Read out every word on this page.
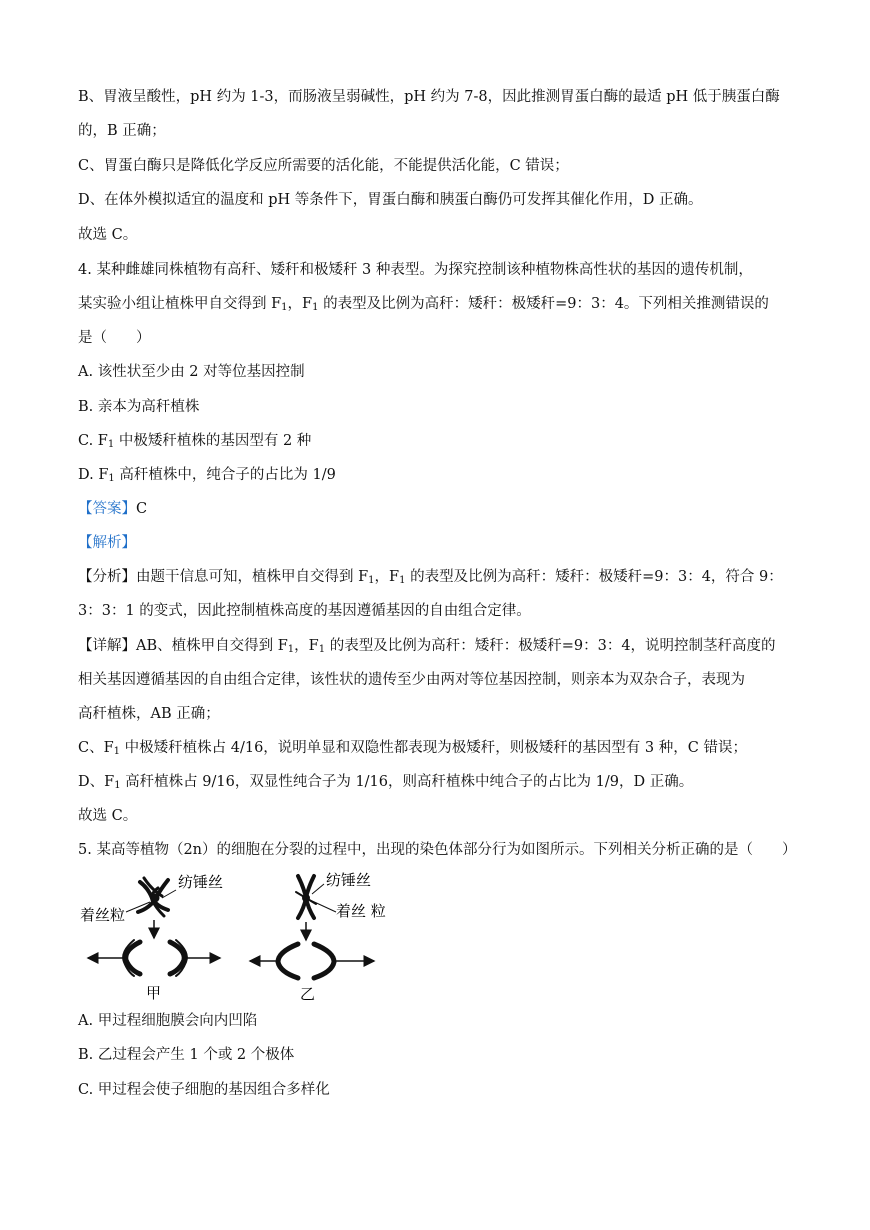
B、胃液呈酸性，pH 约为 1-3，而肠液呈弱碱性，pH 约为 7-8，因此推测胃蛋白酶的最适 pH 低于胰蛋白酶
的，B 正确；
C、胃蛋白酶只是降低化学反应所需要的活化能，不能提供活化能，C 错误；
D、在体外模拟适宜的温度和 pH 等条件下，胃蛋白酶和胰蛋白酶仍可发挥其催化作用，D 正确。
故选 C。
4. 某种雌雄同株植物有高秆、矮秆和极矮秆 3 种表型。为探究控制该种植物株高性状的基因的遗传机制，
某实验小组让植株甲自交得到 $F_1$，$F_1$ 的表型及比例为高秆：矮秆：极矮秆=9：3：4。下列相关推测错误的
是（　　）
A. 该性状至少由 2 对等位基因控制
B. 亲本为高秆植株
C. $F_1$ 中极矮秆植株的基因型有 2 种
D. $F_1$ 高秆植株中，纯合子的占比为 1/9
【答案】C
【解析】
【分析】由题干信息可知，植株甲自交得到 $F_1$，$F_1$ 的表型及比例为高秆：矮秆：极矮秆=9：3：4，符合 9：
3：3：1 的变式，因此控制植株高度的基因遵循基因的自由组合定律。
【详解】AB、植株甲自交得到 $F_1$，$F_1$ 的表型及比例为高秆：矮秆：极矮秆=9：3：4，说明控制茎秆高度的
相关基因遵循基因的自由组合定律，该性状的遗传至少由两对等位基因控制，则亲本为双杂合子，表现为
高秆植株，AB 正确；
C、$F_1$ 中极矮秆植株占 4/16，说明单显和双隐性都表现为极矮秆，则极矮秆的基因型有 3 种，C 错误；
D、$F_1$ 高秆植株占 9/16，双显性纯合子为 1/16，则高秆植株中纯合子的占比为 1/9，D 正确。
故选 C。
5. 某高等植物（2n）的细胞在分裂的过程中，出现的染色体部分行为如图所示。下列相关分析正确的是（　　）
纺锤丝
着丝粒
甲
纺锤丝
着丝 粒
乙
A. 甲过程细胞膜会向内凹陷
B. 乙过程会产生 1 个或 2 个极体
C. 甲过程会使子细胞的基因组合多样化
